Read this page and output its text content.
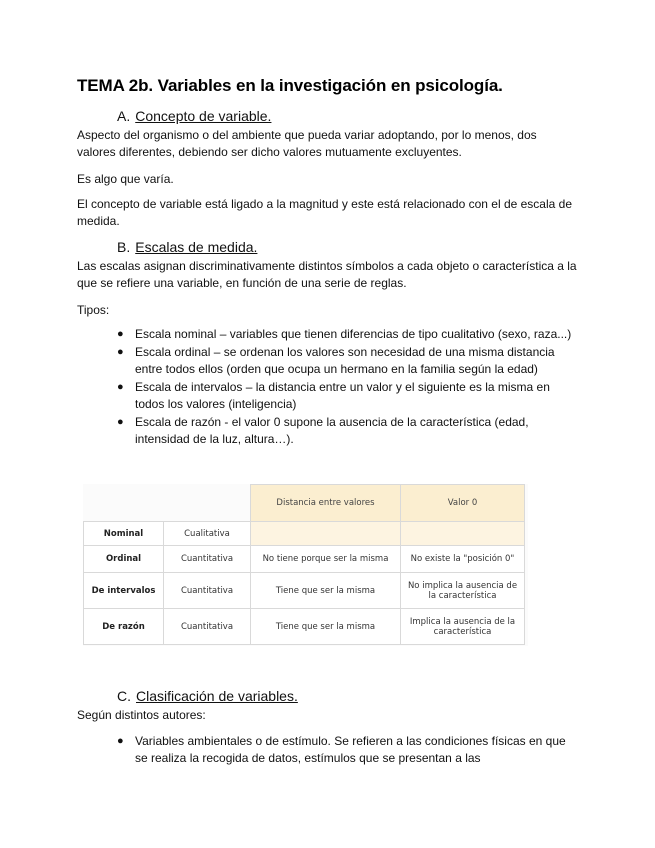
TEMA 2b. Variables en la investigación en psicología.
A. Concepto de variable.

Aspecto del organismo o del ambiente que pueda variar adoptando, por lo menos, dos valores diferentes, debiendo ser dicho valores mutuamente excluyentes.

Es algo que varía.

El concepto de variable está ligado a la magnitud y este está relacionado con el de escala de medida.

B. Escalas de medida.

Las escalas asignan discriminativamente distintos símbolos a cada objeto o característica a la que se refiere una variable, en función de una serie de reglas.

Tipos:

● Escala nominal – variables que tienen diferencias de tipo cualitativo (sexo, raza...)
● Escala ordinal – se ordenan los valores son necesidad de una misma distancia entre todos ellos (orden que ocupa un hermano en la familia según la edad)
● Escala de intervalos – la distancia entre un valor y el siguiente es la misma en todos los valores (inteligencia)
● Escala de razón - el valor 0 supone la ausencia de la característica (edad, intensidad de la luz, altura…).
		Distancia entre valores	Valor 0
Nominal	Cualitativa		
Ordinal	Cuantitativa	No tiene porque ser la misma	No existe la "posición 0"
De intervalos	Cuantitativa	Tiene que ser la misma	No implica la ausencia de la característica
De razón	Cuantitativa	Tiene que ser la misma	Implica la ausencia de la característica
C. Clasificación de variables.

Según distintos autores:

● Variables ambientales o de estímulo. Se refieren a las condiciones físicas en que se realiza la recogida de datos, estímulos que se presentan a las
